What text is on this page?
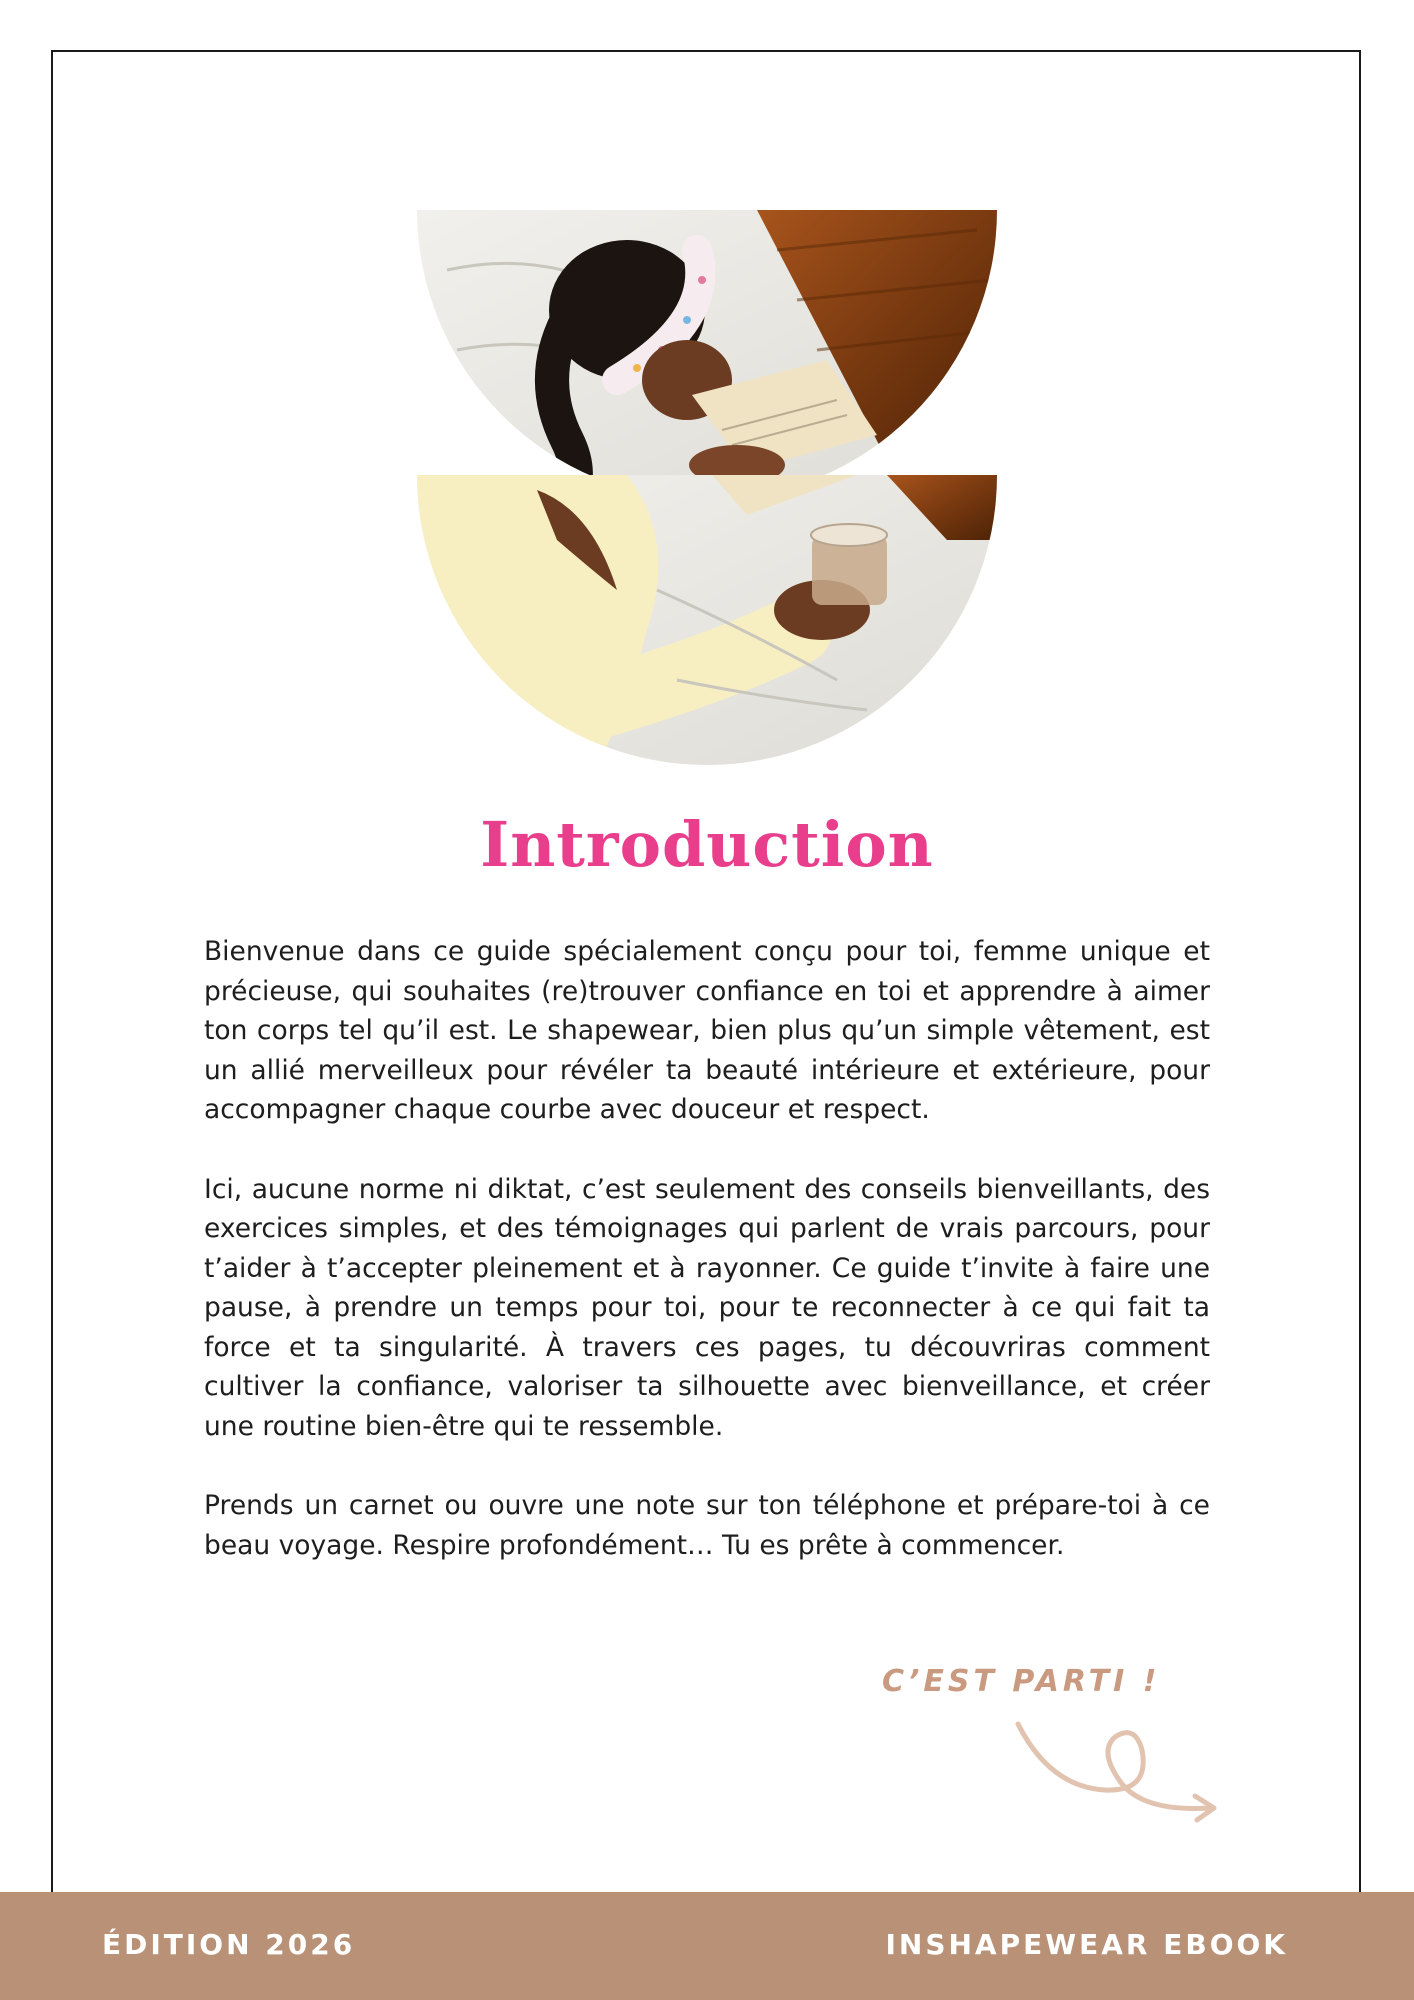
Introduction

Bienvenue dans ce guide spécialement conçu pour toi, femme unique et précieuse, qui souhaites (re)trouver confiance en toi et apprendre à aimer ton corps tel qu’il est. Le shapewear, bien plus qu’un simple vêtement, est un allié merveilleux pour révéler ta beauté intérieure et extérieure, pour accompagner chaque courbe avec douceur et respect.

Ici, aucune norme ni diktat, c’est seulement des conseils bienveillants, des exercices simples, et des témoignages qui parlent de vrais parcours, pour t’aider à t’accepter pleinement et à rayonner. Ce guide t’invite à faire une pause, à prendre un temps pour toi, pour te reconnecter à ce qui fait ta force et ta singularité. À travers ces pages, tu découvriras comment cultiver la confiance, valoriser ta silhouette avec bienveillance, et créer une routine bien-être qui te ressemble.

Prends un carnet ou ouvre une note sur ton téléphone et prépare-toi à ce beau voyage. Respire profondément… Tu es prête à commencer.

C’EST PARTI !
ÉDITION 2026	INSHAPEWEAR EBOOK
